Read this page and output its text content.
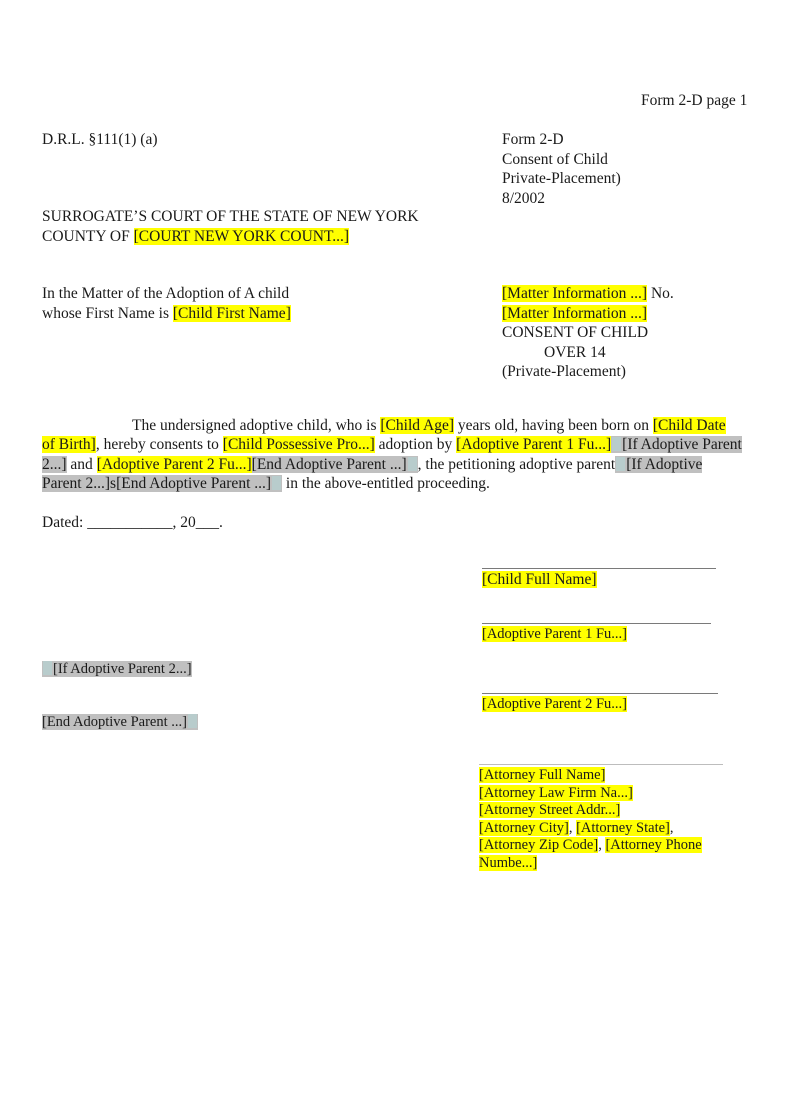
Form 2-D page 1
D.R.L. §111(1) (a)	Form 2-D
Consent of Child
Private-Placement)
8/2002
SURROGATE’S COURT OF THE STATE OF NEW YORK
COUNTY OF [COURT NEW YORK COUNT...]
In the Matter of the Adoption of A child
whose First Name is [Child First Name]
[Matter Information ...] No.
[Matter Information ...]
CONSENT OF CHILD
OVER 14
(Private-Placement)
The undersigned adoptive child, who is [Child Age] years old, having been born on [Child Date of Birth], hereby consents to [Child Possessive Pro...] adoption by [Adoptive Parent 1 Fu...] [If Adoptive Parent 2...] and [Adoptive Parent 2 Fu...][End Adoptive Parent ...] , the petitioning adoptive parent [If Adoptive Parent 2...]s[End Adoptive Parent ...] in the above-entitled proceeding.
Dated: ___________, 20___.
[Child Full Name]
[Adoptive Parent 1 Fu...]
[If Adoptive Parent 2...]
[Adoptive Parent 2 Fu...]
[End Adoptive Parent ...]
[Attorney Full Name]
[Attorney Law Firm Na...]
[Attorney Street Addr...]
[Attorney City], [Attorney State],
[Attorney Zip Code], [Attorney Phone
Numbe...]
